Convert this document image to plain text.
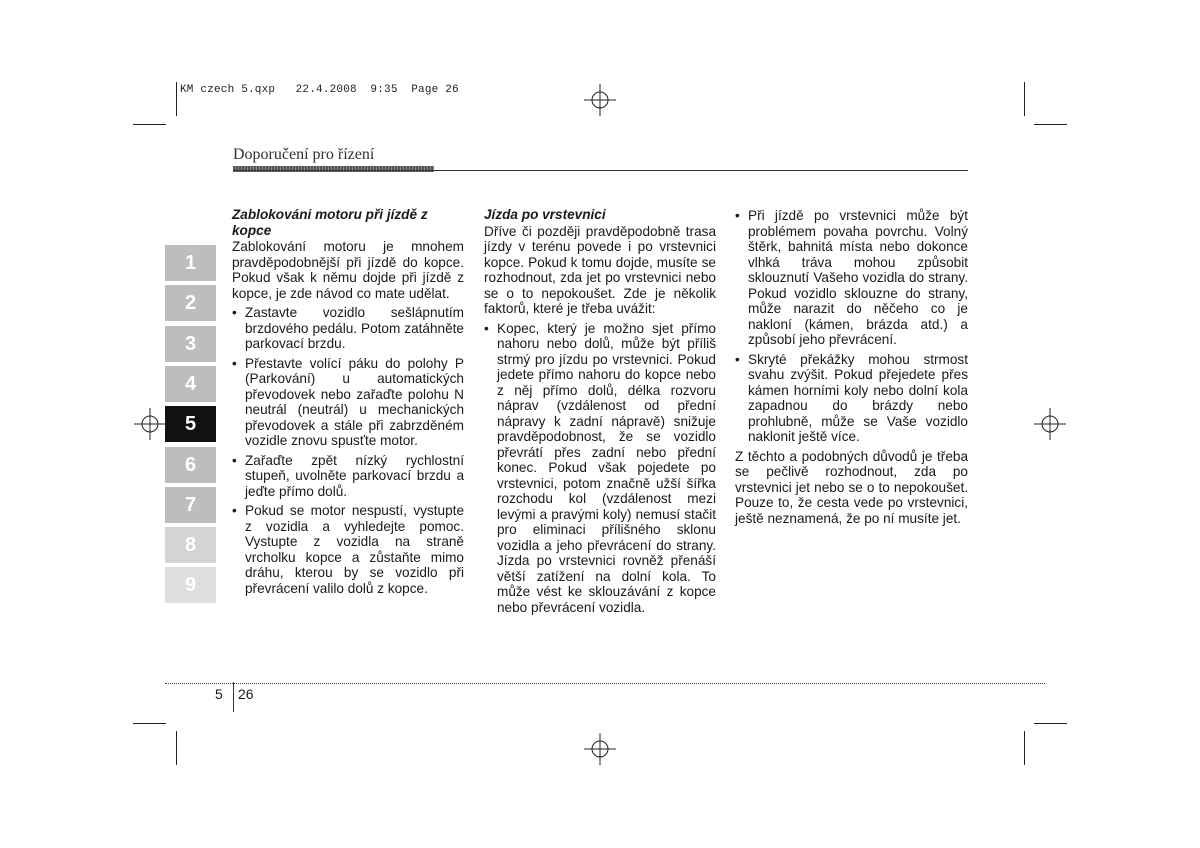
KM czech 5.qxp   22.4.2008  9:35  Page 26
Doporučení pro řízení
1
2
3
4
5
6
7
8
9
Zablokováni motoru při jízdě z kopce

Zablokování motoru je mnohem pravděpodobnější při jízdě do kopce. Pokud však k němu dojde při jízdě z kopce, je zde návod co mate udělat.

• Zastavte vozidlo sešlápnutím brzdového pedálu. Potom zatáhněte parkovací brzdu.
• Přestavte volící páku do polohy P (Parkování) u automatických převodovek nebo zařaďte polohu N neutrál (neutrál) u mechanických převodovek a stále při zabrzděném vozidle znovu spusťte motor.
• Zařaďte zpět nízký rychlostní stupeň, uvolněte parkovací brzdu a jeďte přímo dolů.
• Pokud se motor nespustí, vystupte z vozidla a vyhledejte pomoc. Vystupte z vozidla na straně vrcholku kopce a zůstaňte mimo dráhu, kterou by se vozidlo při převrácení valilo dolů z kopce.
Jízda po vrstevnici

Dříve či později pravděpodobně trasa jízdy v terénu povede i po vrstevnici kopce. Pokud k tomu dojde, musíte se rozhodnout, zda jet po vrstevnici nebo se o to nepokoušet. Zde je několik faktorů, které je třeba uvážit:

• Kopec, který je možno sjet přímo nahoru nebo dolů, může být příliš strmý pro jízdu po vrstevnici. Pokud jedete přímo nahoru do kopce nebo z něj přímo dolů, délka rozvoru náprav (vzdálenost od přední nápravy k zadní nápravě) snižuje pravděpodobnost, že se vozidlo převrátí přes zadní nebo přední konec. Pokud však pojedete po vrstevnici, potom značně užší šířka rozchodu kol (vzdálenost mezi levými a pravými koly) nemusí stačit pro eliminaci přílišného sklonu vozidla a jeho převrácení do strany. Jízda po vrstevnici rovněž přenáší větší zatížení na dolní kola. To může vést ke sklouzávání z kopce nebo převrácení vozidla.
• Při jízdě po vrstevnici může být problémem povaha povrchu. Volný štěrk, bahnitá místa nebo dokonce vlhká tráva mohou způsobit sklouznutí Vašeho vozidla do strany. Pokud vozidlo sklouzne do strany, může narazit do něčeho co je nakloní (kámen, brázda atd.) a způsobí jeho převrácení.
• Skryté překážky mohou strmost svahu zvýšit. Pokud přejedete přes kámen horními koly nebo dolní kola zapadnou do brázdy nebo prohlubně, může se Vaše vozidlo naklonit ještě více.

Z těchto a podobných důvodů je třeba se pečlivě rozhodnout, zda po vrstevnici jet nebo se o to nepokoušet. Pouze to, že cesta vede po vrstevnici, ještě neznamená, že po ní musíte jet.

5 26
